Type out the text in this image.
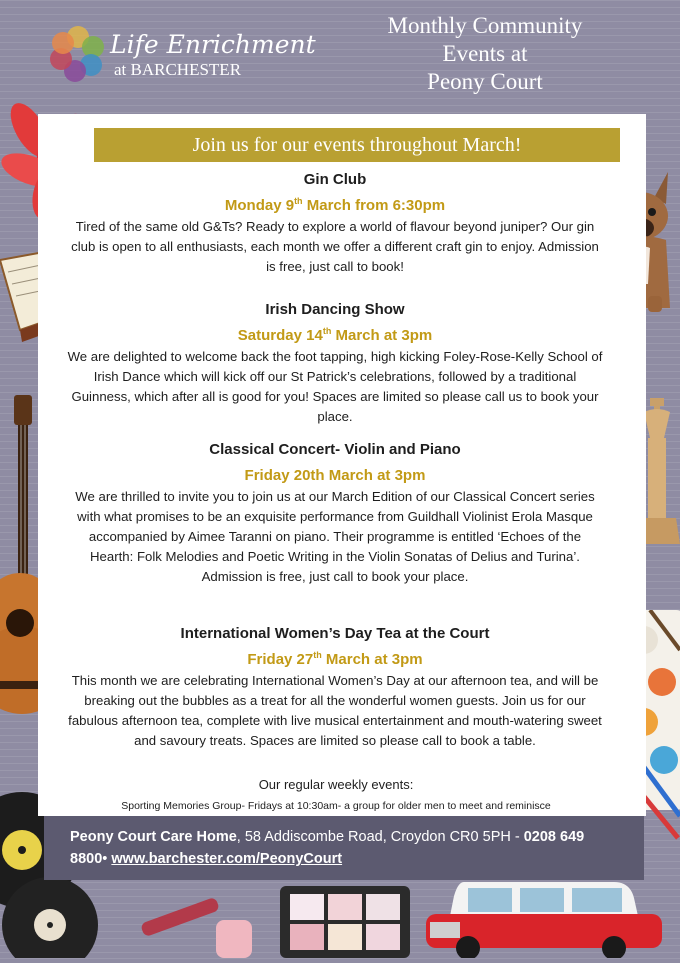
Life Enrichment
at BARCHESTER
Monthly Community
Events at
Peony Court
Join us for our events throughout March!
Gin Club
Monday 9th March from 6:30pm
Tired of the same old G&Ts? Ready to explore a world of flavour beyond juniper? Our gin club is open to all enthusiasts, each month we offer a different craft gin to enjoy. Admission is free, just call to book!
Irish Dancing Show
Saturday 14th March at 3pm
We are delighted to welcome back the foot tapping, high kicking Foley-Rose-Kelly School of Irish Dance which will kick off our St Patrick’s celebrations, followed by a traditional Guinness, which after all is good for you! Spaces are limited so please call us to book your place.
Classical Concert- Violin and Piano
Friday 20th March at 3pm
We are thrilled to invite you to join us at our March Edition of our Classical Concert series with what promises to be an exquisite performance from Guildhall Violinist Erola Masque accompanied by Aimee Taranni on piano. Their programme is entitled ‘Echoes of the Hearth: Folk Melodies and Poetic Writing in the Violin Sonatas of Delius and Turina’. Admission is free, just call to book your place.
International Women’s Day Tea at the Court
Friday 27th March at 3pm
This month we are celebrating International Women’s Day at our afternoon tea, and will be breaking out the bubbles as a treat for all the wonderful women guests. Join us for our fabulous afternoon tea, complete with live musical entertainment and mouth-watering sweet and savoury treats. Spaces are limited so please call to book a table.
Our regular weekly events:
Sporting Memories Group- Fridays at 10:30am- a group for older men to meet and reminisce
Peony Court Care Home, 58 Addiscombe Road, Croydon CR0 5PH - 0208 649 8800• www.barchester.com/PeonyCourt
